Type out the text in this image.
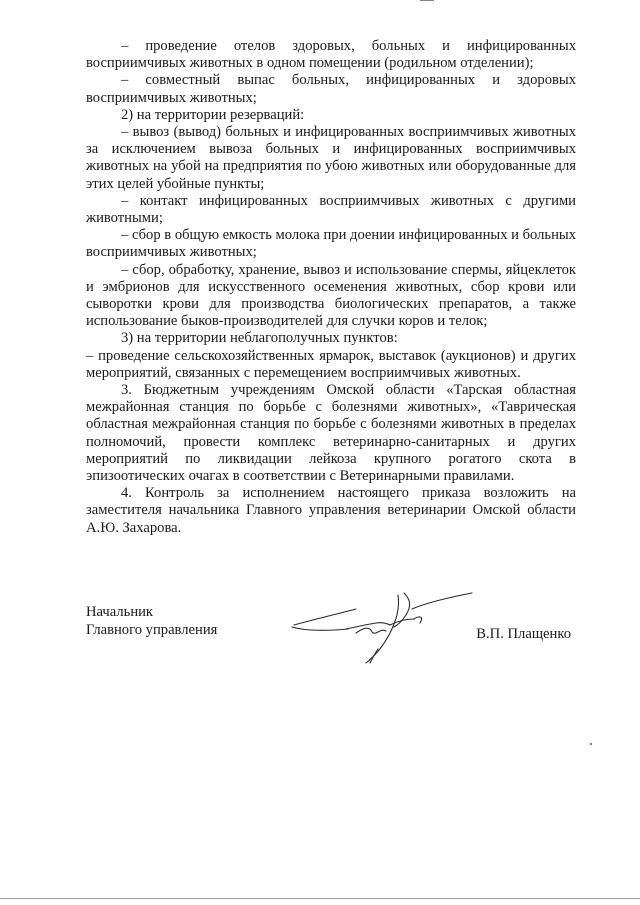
– проведение отелов здоровых, больных и инфицированных восприимчивых животных в одном помещении (родильном отделении);

– совместный выпас больных, инфицированных и здоровых восприимчивых животных;

2) на территории резерваций:

– вывоз (вывод) больных и инфицированных восприимчивых животных за исключением вывоза больных и инфицированных восприимчивых животных на убой на предприятия по убою животных или оборудованные для этих целей убойные пункты;

– контакт инфицированных восприимчивых животных с другими животными;

– сбор в общую емкость молока при доении инфицированных и больных восприимчивых животных;

– сбор, обработку, хранение, вывоз и использование спермы, яйцеклеток и эмбрионов для искусственного осеменения животных, сбор крови или сыворотки крови для производства биологических препаратов, а также использование быков-производителей для случки коров и телок;

3) на территории неблагополучных пунктов:

– проведение сельскохозяйственных ярмарок, выставок (аукционов) и других мероприятий, связанных с перемещением восприимчивых животных.

3. Бюджетным учреждениям Омской области «Тарская областная межрайонная станция по борьбе с болезнями животных», «Таврическая областная межрайонная станция по борьбе с болезнями животных в пределах полномочий, провести комплекс ветеринарно-санитарных и других мероприятий по ликвидации лейкоза крупного рогатого скота в эпизоотических очагах в соответствии с Ветеринарными правилами.

4. Контроль за исполнением настоящего приказа возложить на заместителя начальника Главного управления ветеринарии Омской области А.Ю. Захарова.

Начальник
Главного управления	В.П. Плащенко
